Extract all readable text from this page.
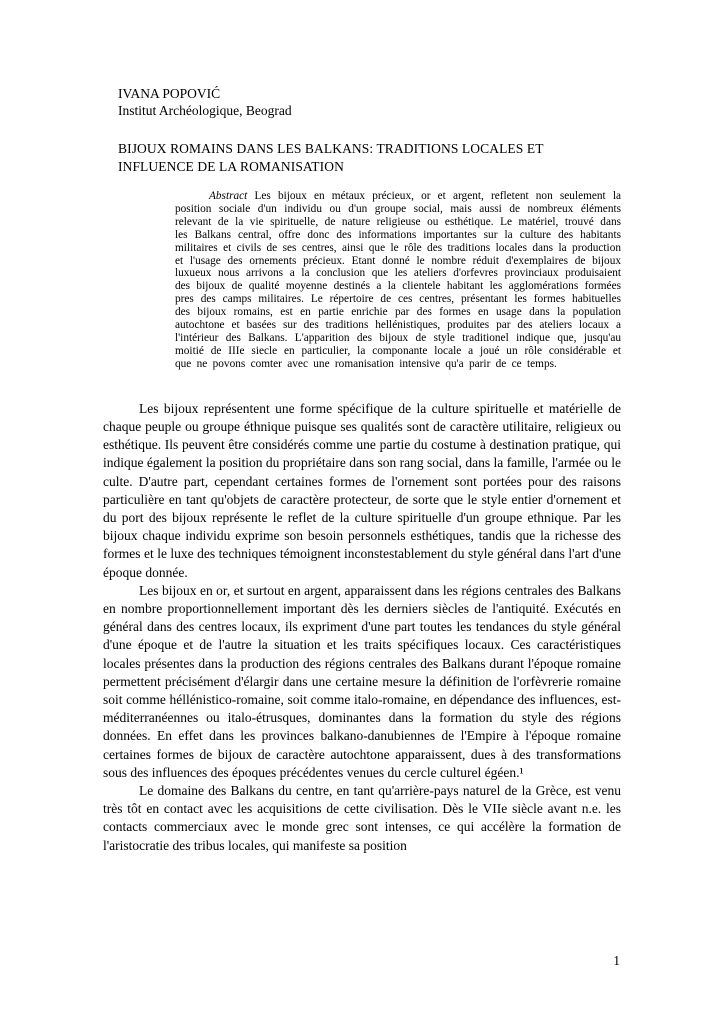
IVANA POPOVIĆ
Institut Archéologique, Beograd
BIJOUX ROMAINS DANS LES BALKANS: TRADITIONS LOCALES ET INFLUENCE DE LA ROMANISATION

Abstract Les bijoux en métaux précieux, or et argent, refletent non seulement la position sociale d'un individu ou d'un groupe social, mais aussi de nombreux éléments relevant de la vie spirituelle, de nature religieuse ou esthétique. Le matériel, trouvé dans les Balkans central, offre donc des informations importantes sur la culture des habitants militaires et civils de ses centres, ainsi que le rôle des traditions locales dans la production et l'usage des ornements précieux. Etant donné le nombre réduit d'exemplaires de bijoux luxueux nous arrivons a la conclusion que les ateliers d'orfevres provinciaux produisaient des bijoux de qualité moyenne destinés a la clientele habitant les agglomérations formées pres des camps militaires. Le répertoire de ces centres, présentant les formes habituelles des bijoux romains, est en partie enrichie par des formes en usage dans la population autochtone et basées sur des traditions hellénistiques, produites par des ateliers locaux a l'intérieur des Balkans. L'apparition des bijoux de style traditionel indique que, jusqu'au moitié de IIIe siecle en particulier, la componante locale a joué un rôle considérable et que ne povons comter avec une romanisation intensive qu'a parir de ce temps.

Les bijoux représentent une forme spécifique de la culture spirituelle et matérielle de chaque peuple ou groupe éthnique puisque ses qualités sont de caractère utilitaire, religieux ou esthétique. Ils peuvent être considérés comme une partie du costume à destination pratique, qui indique également la position du propriétaire dans son rang social, dans la famille, l'armée ou le culte. D'autre part, cependant certaines formes de l'ornement sont portées pour des raisons particulière en tant qu'objets de caractère protecteur, de sorte que le style entier d'ornement et du port des bijoux représente le reflet de la culture spirituelle d'un groupe ethnique. Par les bijoux chaque individu exprime son besoin personnels esthétiques, tandis que la richesse des formes et le luxe des techniques témoignent inconstestablement du style général dans l'art d'une époque donnée.

Les bijoux en or, et surtout en argent, apparaissent dans les régions centrales des Balkans en nombre proportionnellement important dès les derniers siècles de l'antiquité. Exécutés en général dans des centres locaux, ils expriment d'une part toutes les tendances du style général d'une époque et de l'autre la situation et les traits spécifiques locaux. Ces caractéristiques locales présentes dans la production des régions centrales des Balkans durant l'époque romaine permettent précisément d'élargir dans une certaine mesure la définition de l'orfèvrerie romaine soit comme héllénistico-romaine, soit comme italo-romaine, en dépendance des influences, est-méditerranéennes ou italo-étrusques, dominantes dans la formation du style des régions données. En effet dans les provinces balkano-danubiennes de l'Empire à l'époque romaine certaines formes de bijoux de caractère autochtone apparaissent, dues à des transformations sous des influences des époques précédentes venues du cercle culturel égéen.¹

Le domaine des Balkans du centre, en tant qu'arrière-pays naturel de la Grèce, est venu très tôt en contact avec les acquisitions de cette civilisation. Dès le VIIe siècle avant n.e. les contacts commerciaux avec le monde grec sont intenses, ce qui accélère la formation de l'aristocratie des tribus locales, qui manifeste sa position

1
